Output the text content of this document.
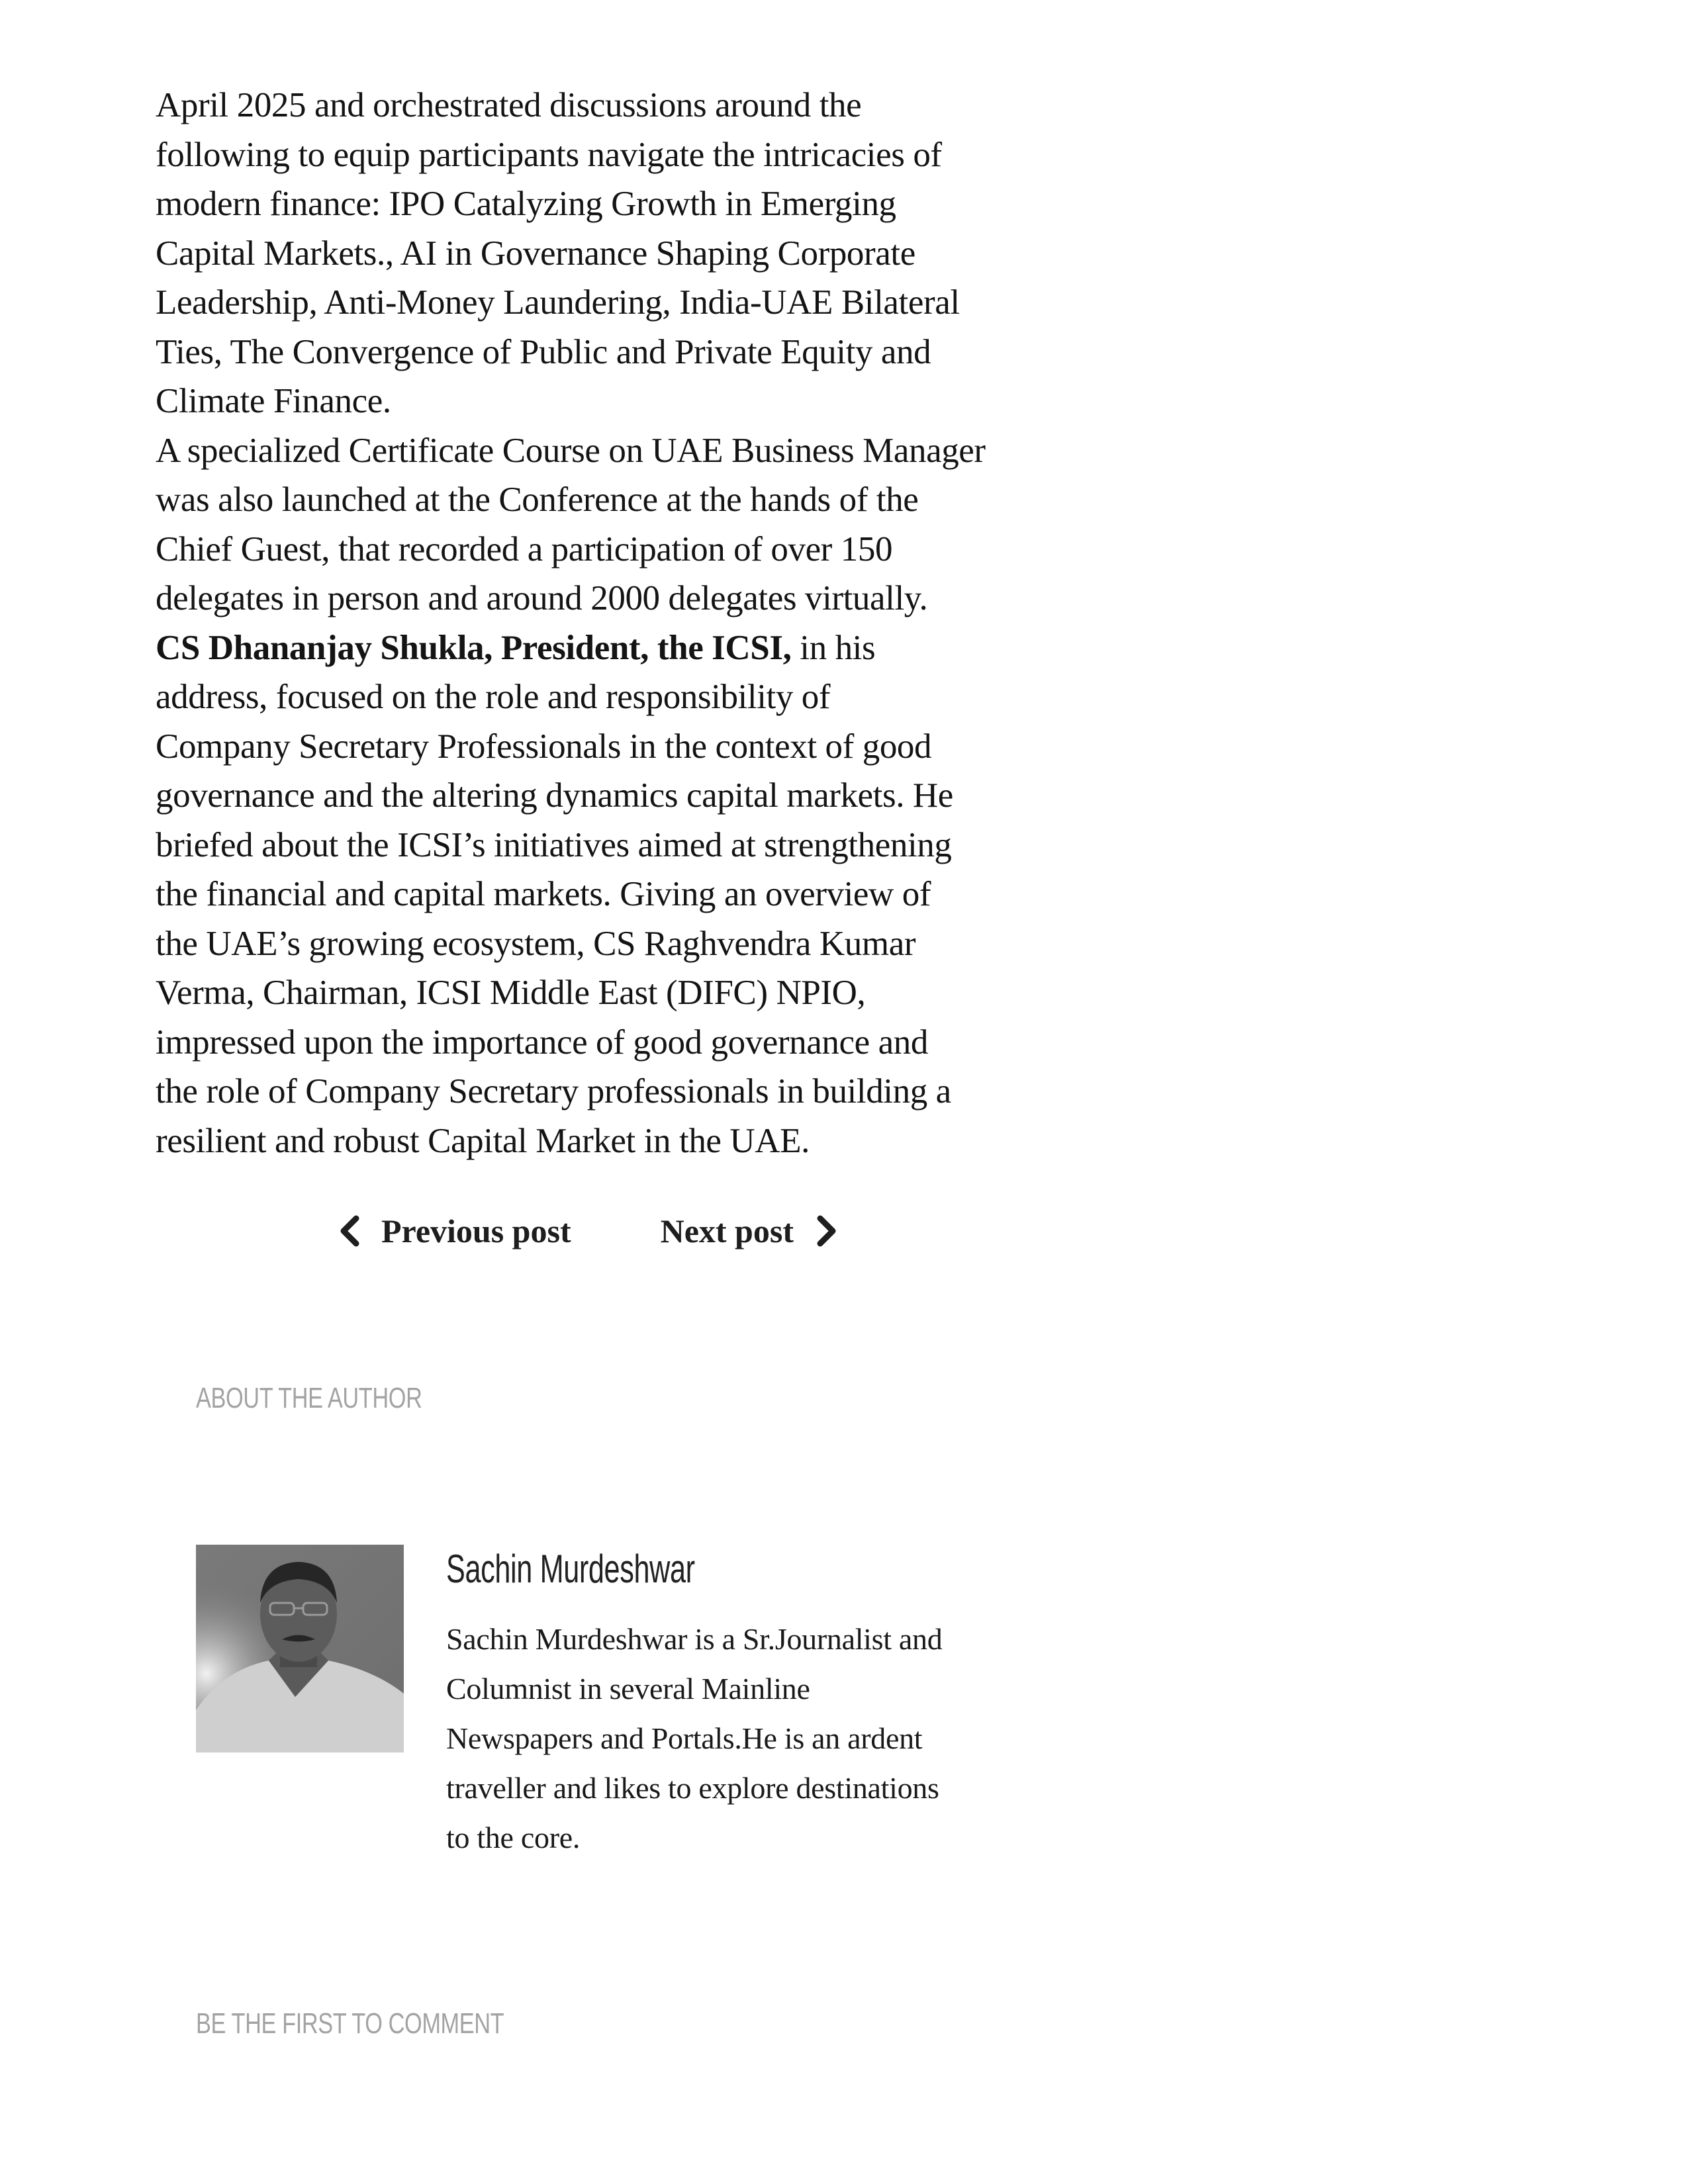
April 2025 and orchestrated discussions around the
following to equip participants navigate the intricacies of
modern finance: IPO Catalyzing Growth in Emerging
Capital Markets., AI in Governance Shaping Corporate
Leadership, Anti-Money Laundering, India-UAE Bilateral
Ties, The Convergence of Public and Private Equity and
Climate Finance.

A specialized Certificate Course on UAE Business Manager
was also launched at the Conference at the hands of the
Chief Guest, that recorded a participation of over 150
delegates in person and around 2000 delegates virtually.

CS Dhananjay Shukla, President, the ICSI, in his
address, focused on the role and responsibility of
Company Secretary Professionals in the context of good
governance and the altering dynamics capital markets. He
briefed about the ICSI’s initiatives aimed at strengthening
the financial and capital markets. Giving an overview of
the UAE’s growing ecosystem, CS Raghvendra Kumar
Verma, Chairman, ICSI Middle East (DIFC) NPIO,
impressed upon the importance of good governance and
the role of Company Secretary professionals in building a
resilient and robust Capital Market in the UAE.

Previous post	Next post
ABOUT THE AUTHOR
Sachin Murdeshwar
Sachin Murdeshwar is a Sr.Journalist and
Columnist in several Mainline
Newspapers and Portals.He is an ardent
traveller and likes to explore destinations
to the core.
BE THE FIRST TO COMMENT
